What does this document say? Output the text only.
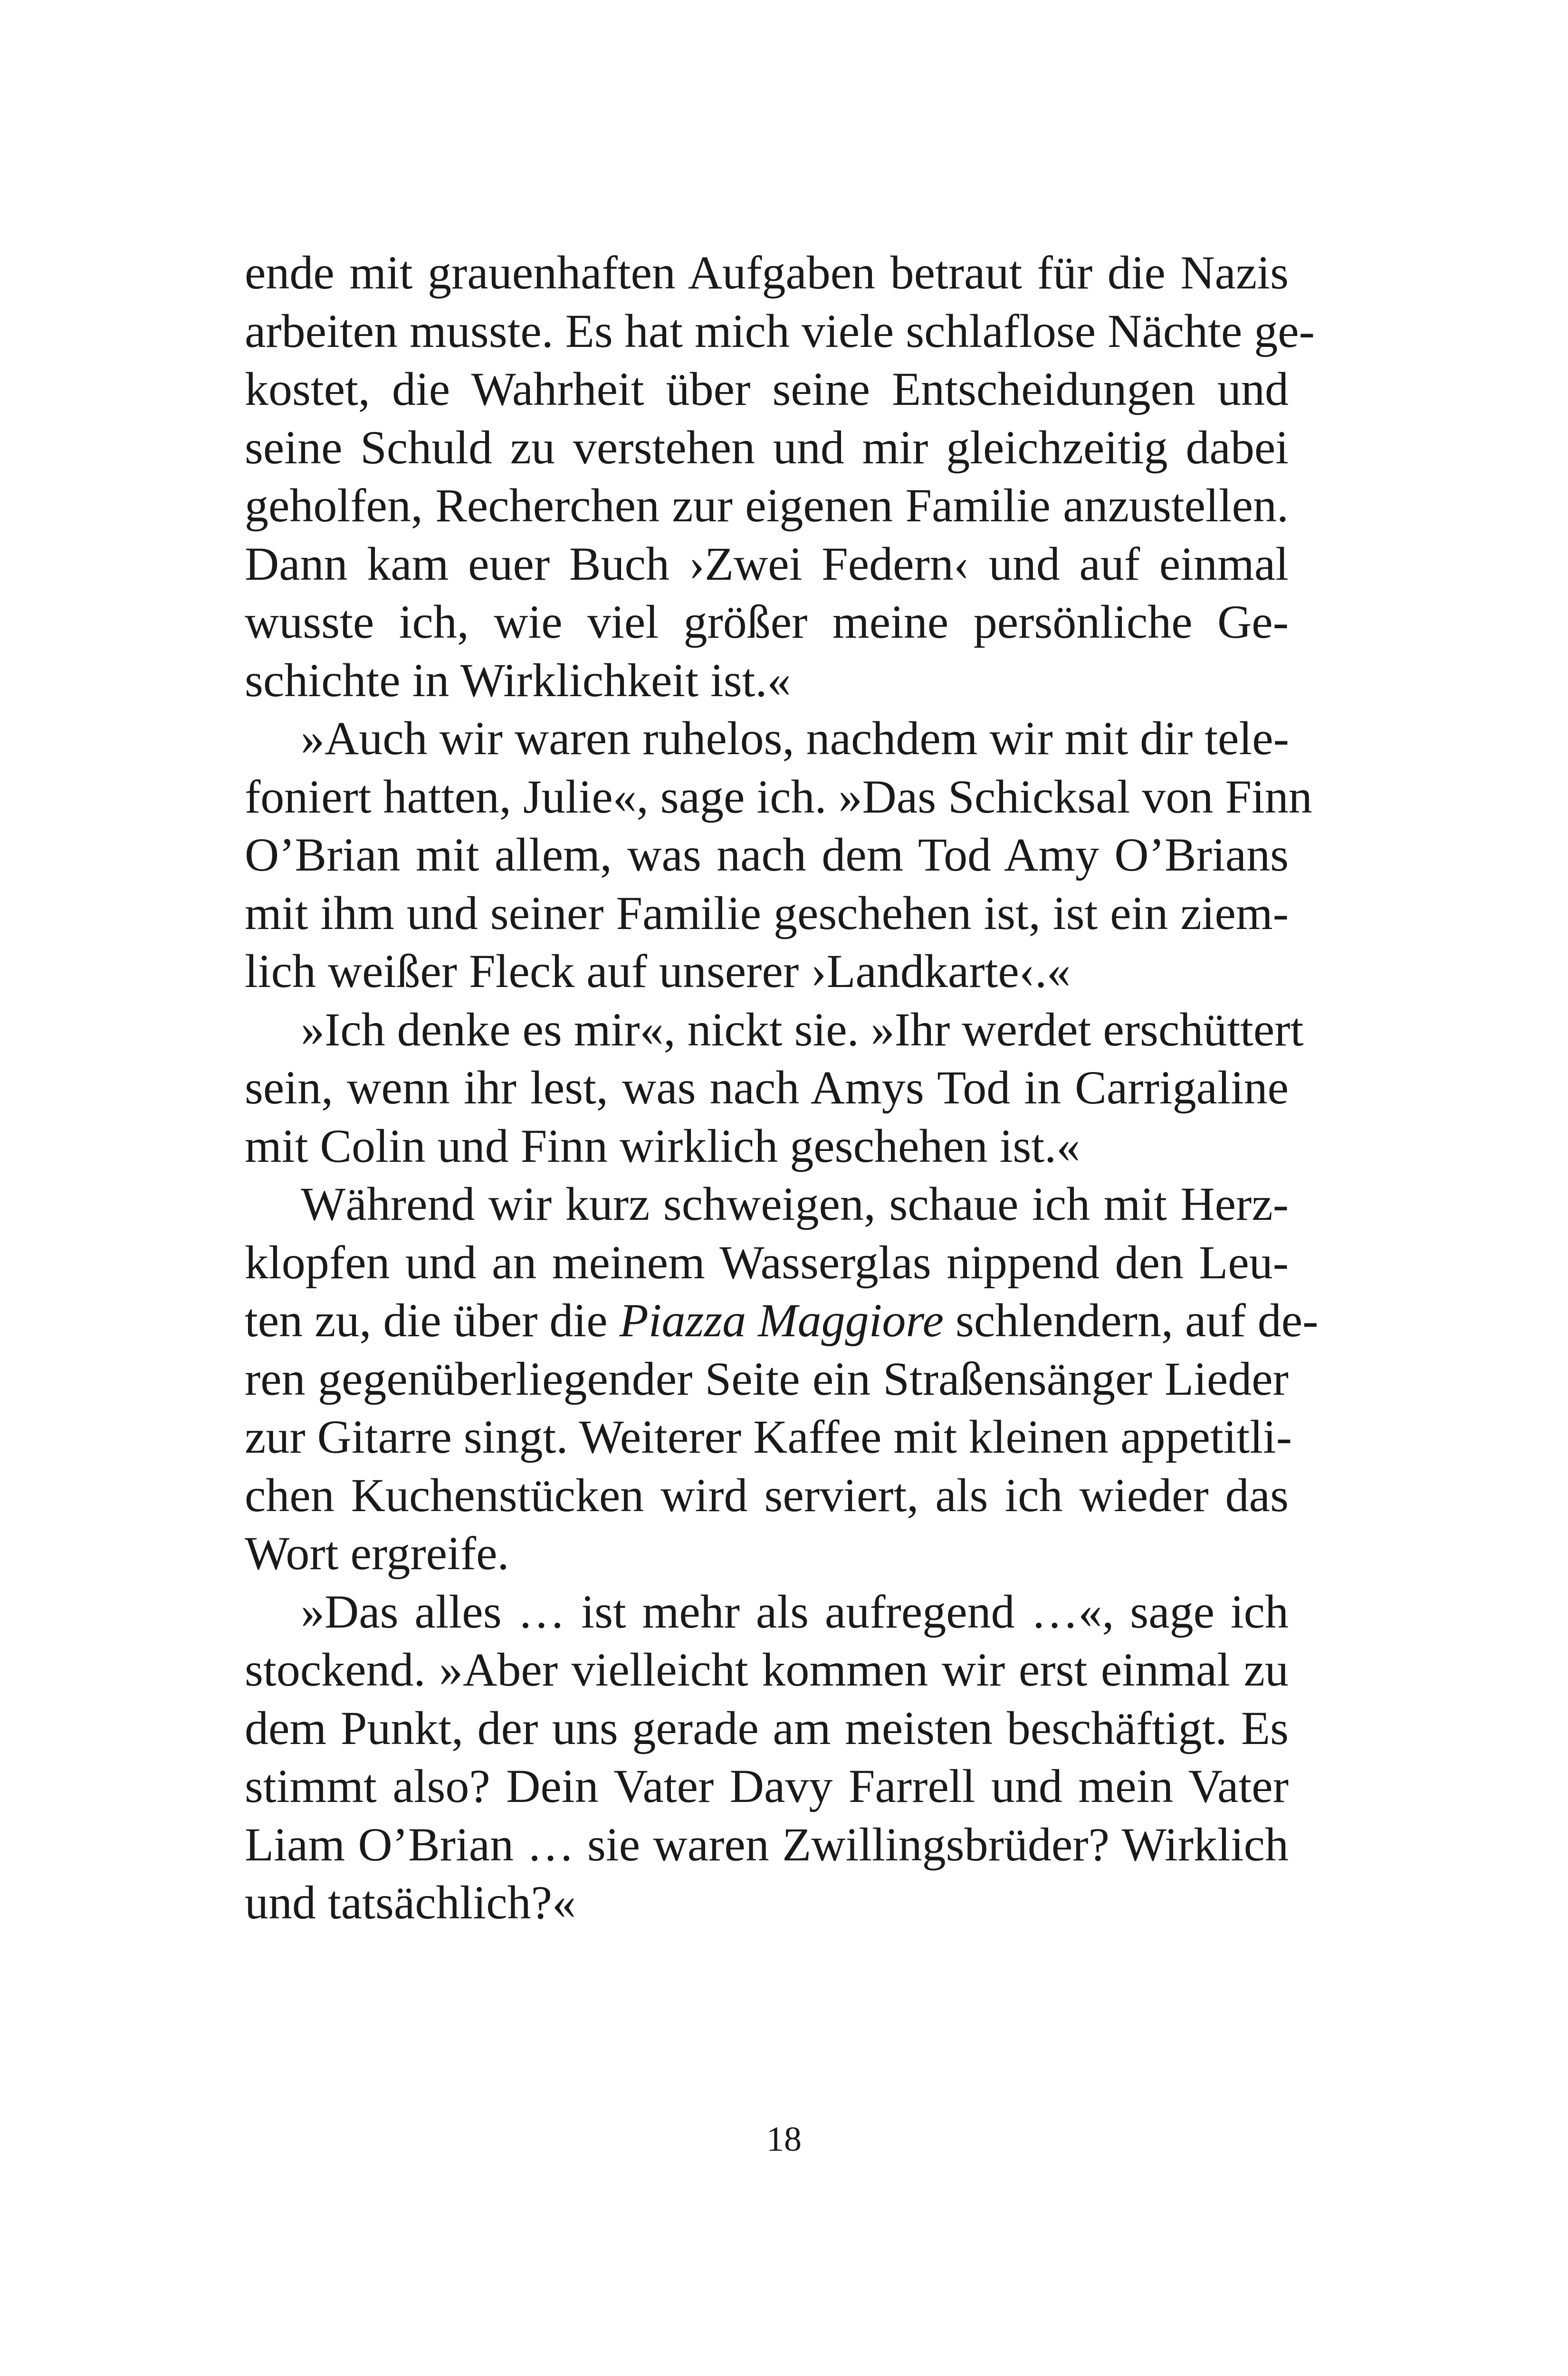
ende mit grauenhaften Aufgaben betraut für die Nazis
arbeiten musste. Es hat mich viele schlaflose Nächte ge-
kostet, die Wahrheit über seine Entscheidungen und
seine Schuld zu verstehen und mir gleichzeitig dabei
geholfen, Recherchen zur eigenen Familie anzustellen.
Dann kam euer Buch ›Zwei Federn‹ und auf einmal
wusste ich, wie viel größer meine persönliche Ge-
schichte in Wirklichkeit ist.«
»Auch wir waren ruhelos, nachdem wir mit dir tele-
foniert hatten, Julie«, sage ich. »Das Schicksal von Finn
O’Brian mit allem, was nach dem Tod Amy O’Brians
mit ihm und seiner Familie geschehen ist, ist ein ziem-
lich weißer Fleck auf unserer ›Landkarte‹.«
»Ich denke es mir«, nickt sie. »Ihr werdet erschüttert
sein, wenn ihr lest, was nach Amys Tod in Carrigaline
mit Colin und Finn wirklich geschehen ist.«
Während wir kurz schweigen, schaue ich mit Herz-
klopfen und an meinem Wasserglas nippend den Leu-
ten zu, die über die Piazza Maggiore schlendern, auf de-
ren gegenüberliegender Seite ein Straßensänger Lieder
zur Gitarre singt. Weiterer Kaffee mit kleinen appetitli-
chen Kuchenstücken wird serviert, als ich wieder das
Wort ergreife.
»Das alles … ist mehr als aufregend …«, sage ich
stockend. »Aber vielleicht kommen wir erst einmal zu
dem Punkt, der uns gerade am meisten beschäftigt. Es
stimmt also? Dein Vater Davy Farrell und mein Vater
Liam O’Brian … sie waren Zwillingsbrüder? Wirklich
und tatsächlich?«
18
